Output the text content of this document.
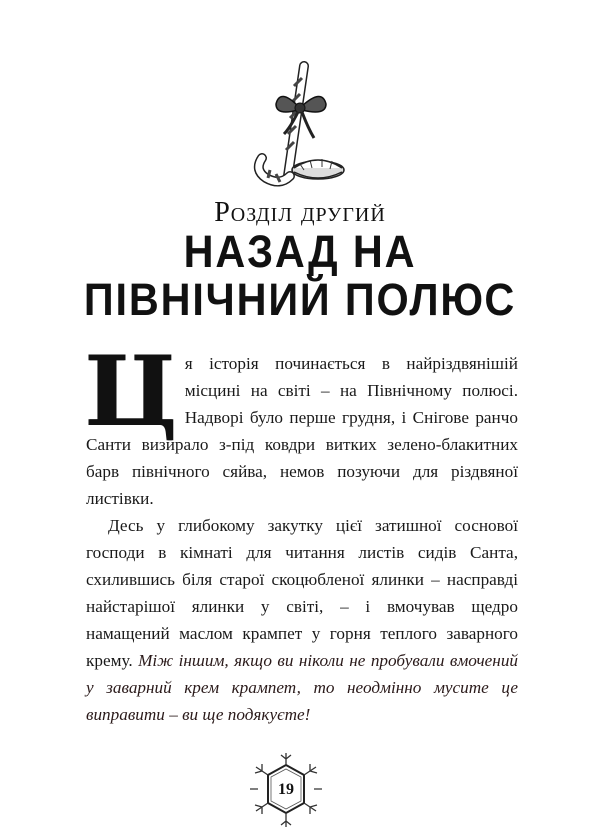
Розділ другий
НАЗАД НА
ПІВНІЧНИЙ ПОЛЮС

Ця історія починається в найріздвянішій місцині на світі – на Північному полюсі. Надворі було перше грудня, і Снігове ранчо Санти визирало з-під ковдри витких зелено-блакитних барв північного сяйва, немов позуючи для різдвяної листівки.

Десь у глибокому закутку цієї затишної соснової господи в кімнаті для читання листів сидів Санта, схилившись біля старої скоцюбленої ялинки – насправді найстарішої ялинки у світі, – і вмочував щедро намащений маслом крампет у горня теплого заварного крему. Між іншим, якщо ви ніколи не пробували вмочений у заварний крем крампет, то неодмінно мусите це виправити – ви ще подякуєте!

19
